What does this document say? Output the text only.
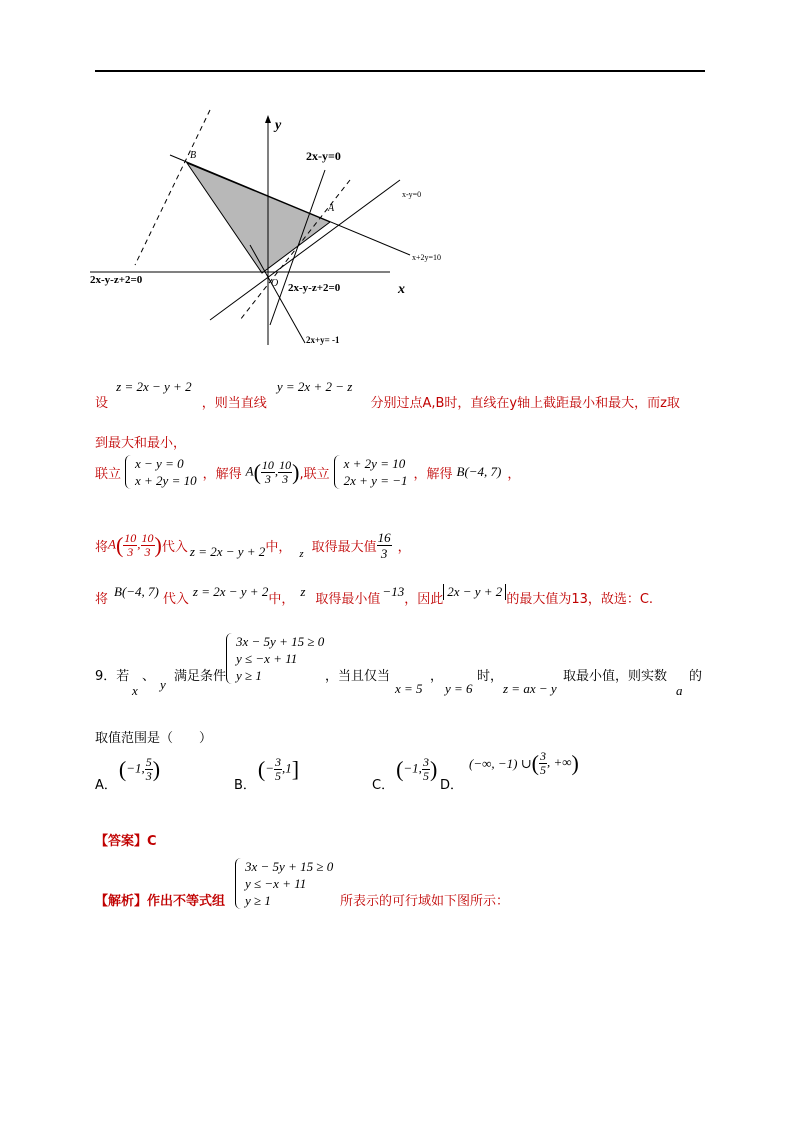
y
x
B
A
O
2x-y=0
x-y=0
x+2y=10
2x-y-z+2=0
2x-y-z+2=0
2x+y= -1
设 z = 2x − y + 2 ，则当直线 y = 2x + 2 − z 分别过点A,B时，直线在y轴上截距最小和最大，而z取
到最大和最小，
联立
x − y = 0
x + 2y = 10 ，解得 $A( \frac{10}{3}$ , $\frac{10}{3}$ ) ,联立
x + 2y = 10
2x + y = −1 ，解得 B(−4, 7) ，
将 $A( \frac{10}{3}$ , $\frac{10}{3}$ ) 代入 z = 2x − y + 2 中， z 取得最大值 $\frac{16}{3}$ ，
将
B(−4, 7)
代入
z = 2x − y + 2
中，
z
取得最小值
−13
，因此
2x − y + 2
的最大值为13，故选：C.
9．若
x
、
y
满足条件
3x − 5y + 15 ≥ 0
y ≤ −x + 11
y ≥ 1	，当且仅当
x = 5
，
y = 6
时，
z = ax − y
取最小值，则实数
a
的
取值范围是（　　）
A．
(−1, $\frac{5}{3}$ )
B．
(− $\frac{3}{5} ,1$]
C．
(−1, $\frac{3}{5}$ )
D．
(−∞, −1) ∪ ( $\frac{3}{5}$ , +∞)
【答案】C
【解析】作出不等式组
3x − 5y + 15 ≥ 0
y ≤ −x + 11
y ≥ 1	所表示的可行域如下图所示：
